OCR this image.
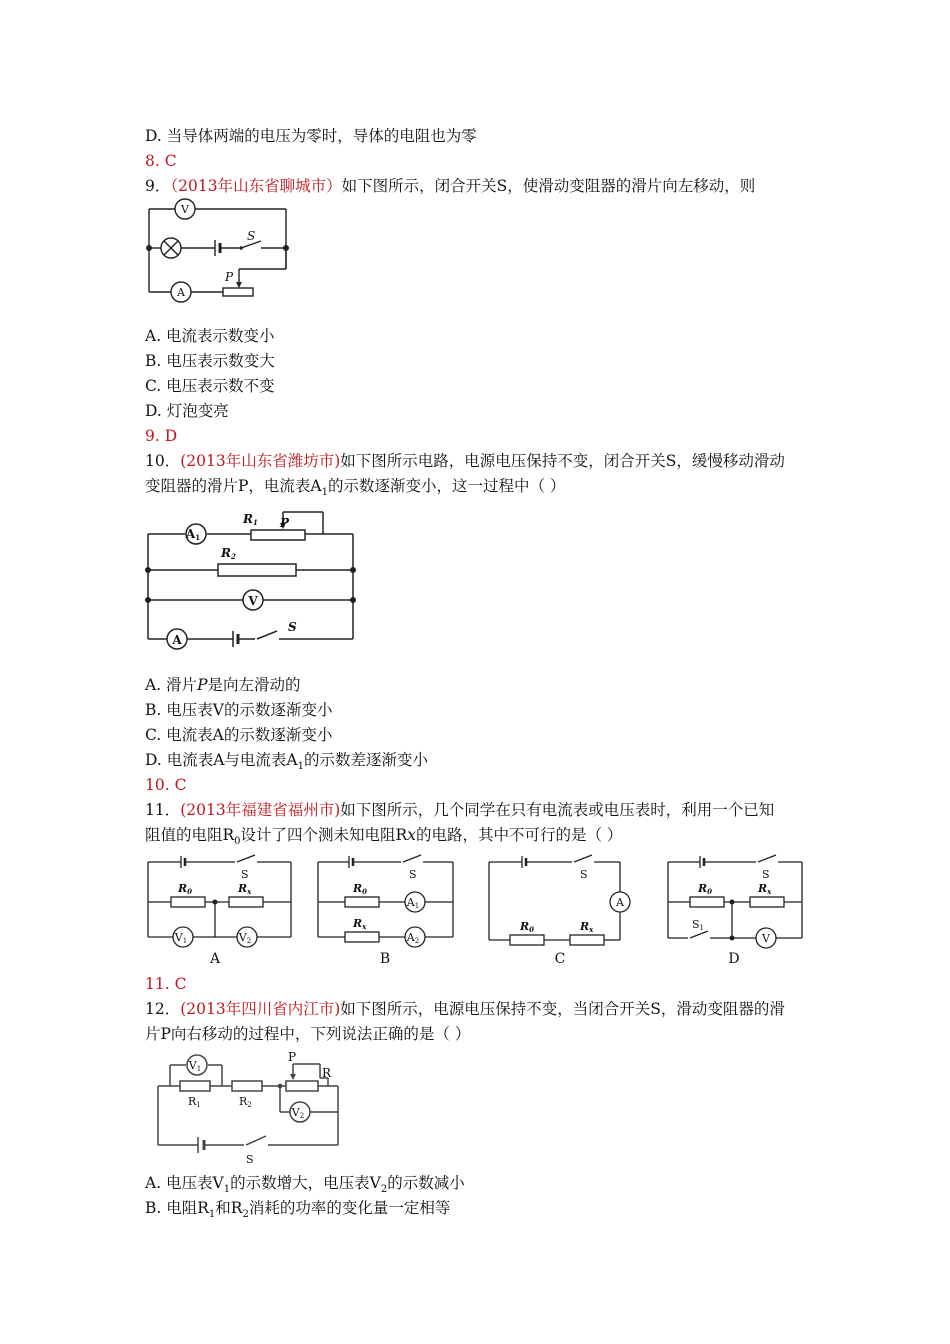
D. 当导体两端的电压为零时，导体的电阻也为零
8. C
9．（2013年山东省聊城市）如下图所示，闭合开关S，使滑动变阻器的滑片向左移动，则
V
A
S
P
A. 电流表示数变小
B. 电压表示数变大
C. 电压表示数不变
D. 灯泡变亮
9. D
10．(2013年山东省潍坊市)如下图所示电路，电源电压保持不变，闭合开关S，缓慢移动滑动
变阻器的滑片P，电流表$A_1$的示数逐渐变小，这一过程中（ ）
A1
R1 P
R2
V
A
S
A. 滑片P是向左滑动的
B. 电压表V的示数逐渐变小
C. 电流表A的示数逐渐变小
D. 电流表A与电流表$A_1$的示数差逐渐变小
10. C
11．(2013年福建省福州市)如下图所示，几个同学在只有电流表或电压表时，利用一个已知
阻值的电阻$R_0$设计了四个测未知电阻Rx的电路，其中不可行的是（ ）
S
R0	Rx
V1	V2
A
S
R0
Rx
A1
A2
B
S
R0	Rx
A
C
S
R0	Rx
S1
V
D
11. C
12．(2013年四川省内江市)如下图所示，电源电压保持不变，当闭合开关S，滑动变阻器的滑
片P向右移动的过程中，下列说法正确的是（ ）
V1
R1	R2
P
R
V2
S
A. 电压表$V_1$的示数增大，电压表$V_2$的示数减小
B. 电阻$R_1$和$R_2$消耗的功率的变化量一定相等
